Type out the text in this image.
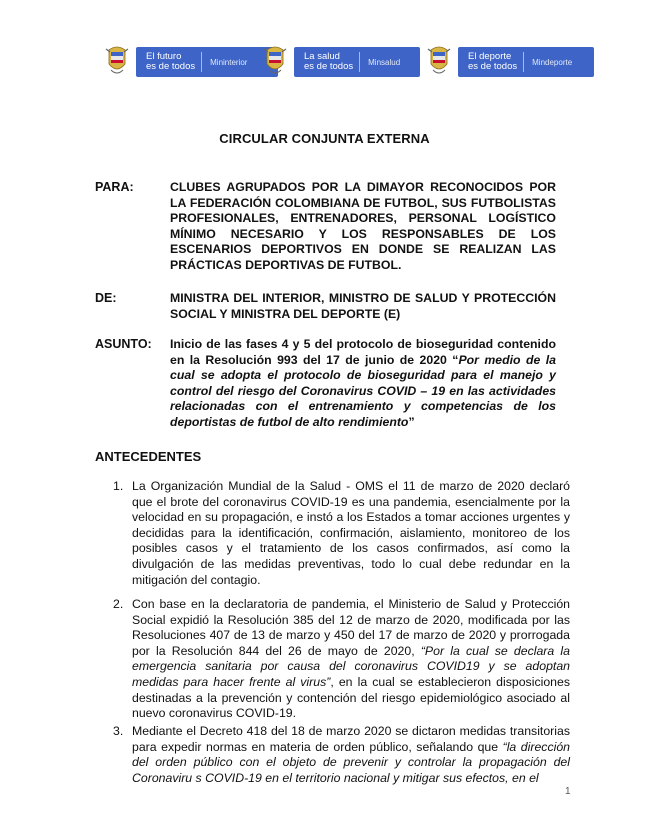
El futuro
es de todos	Mininterior	La salud
es de todos	Minsalud	El deporte
es de todos	Mindeporte
CIRCULAR CONJUNTA EXTERNA
PARA:	CLUBES AGRUPADOS POR LA DIMAYOR RECONOCIDOS POR LA FEDERACIÓN COLOMBIANA DE FUTBOL, SUS FUTBOLISTAS PROFESIONALES, ENTRENADORES, PERSONAL LOGÍSTICO MÍNIMO NECESARIO Y LOS RESPONSABLES DE LOS ESCENARIOS DEPORTIVOS EN DONDE SE REALIZAN LAS PRÁCTICAS DEPORTIVAS DE FUTBOL.
DE:	MINISTRA DEL INTERIOR, MINISTRO DE SALUD Y PROTECCIÓN SOCIAL Y MINISTRA DEL DEPORTE (E)
ASUNTO: Inicio de las fases 4 y 5 del protocolo de bioseguridad contenido en la Resolución 993 del 17 de junio de 2020 “Por medio de la cual se adopta el protocolo de bioseguridad para el manejo y control del riesgo del Coronavirus COVID – 19 en las actividades relacionadas con el entrenamiento y competencias de los deportistas de futbol de alto rendimiento”
ANTECEDENTES
1. La Organización Mundial de la Salud - OMS el 11 de marzo de 2020 declaró que el brote del coronavirus COVID-19 es una pandemia, esencialmente por la velocidad en su propagación, e instó a los Estados a tomar acciones urgentes y decididas para la identificación, confirmación, aislamiento, monitoreo de los posibles casos y el tratamiento de los casos confirmados, así como la divulgación de las medidas preventivas, todo lo cual debe redundar en la mitigación del contagio.
2. Con base en la declaratoria de pandemia, el Ministerio de Salud y Protección Social expidió la Resolución 385 del 12 de marzo de 2020, modificada por las Resoluciones 407 de 13 de marzo y 450 del 17 de marzo de 2020 y prorrogada por la Resolución 844 del 26 de mayo de 2020, “Por la cual se declara la emergencia sanitaria por causa del coronavirus COVID19 y se adoptan medidas para hacer frente al virus”, en la cual se establecieron disposiciones destinadas a la prevención y contención del riesgo epidemiológico asociado al nuevo coronavirus COVID-19.
3. Mediante el Decreto 418 del 18 de marzo 2020 se dictaron medidas transitorias para expedir normas en materia de orden público, señalando que “la dirección del orden público con el objeto de prevenir y controlar la propagación del Coronaviru s COVID-19 en el territorio nacional y mitigar sus efectos, en el
1
